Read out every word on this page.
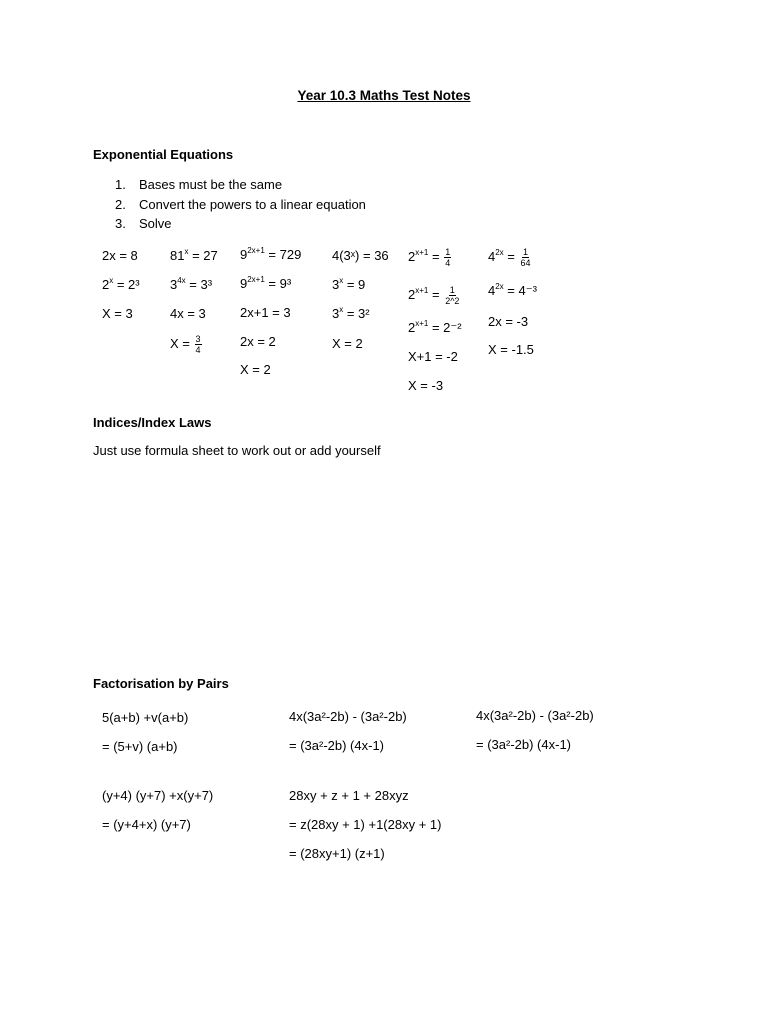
Year 10.3 Maths Test Notes
Exponential Equations
1. Bases must be the same
2. Convert the powers to a linear equation
3. Solve
2x = 8
$2^x = 2^3$
X = 3
$81^x = 27$
$3^{4x} = 3^3$
4x = 3
$X = \frac{3}{4}$
$9^{2x+1} = 729$
$9^{2x+1} = 9^3$
2x+1 = 3
2x = 2
X = 2
4(3ˣ) = 36
$3^x = 9$
$3^x = 3^2$
X = 2
$2^{x+1} = \frac{1}{4}$
$2^{x+1} = \frac{1}{2\^{}2}$
$2^{x+1} = 2^{-2}$
X+1 = -2
X = -3
$4^{2x} = \frac{1}{64}$
$4^{2x} = 4^{-3}$
2x = -3
X = -1.5
Indices/Index Laws
Just use formula sheet to work out or add yourself
Factorisation by Pairs
5(a+b) +v(a+b)
= (5+v) (a+b)
4x(3a²-2b) - (3a²-2b)
= (3a²-2b) (4x-1)
4x(3a²-2b) - (3a²-2b)
= (3a²-2b) (4x-1)
(y+4) (y+7) +x(y+7)
= (y+4+x) (y+7)
28xy + z + 1 + 28xyz
= z(28xy + 1) +1(28xy + 1)
= (28xy+1) (z+1)
